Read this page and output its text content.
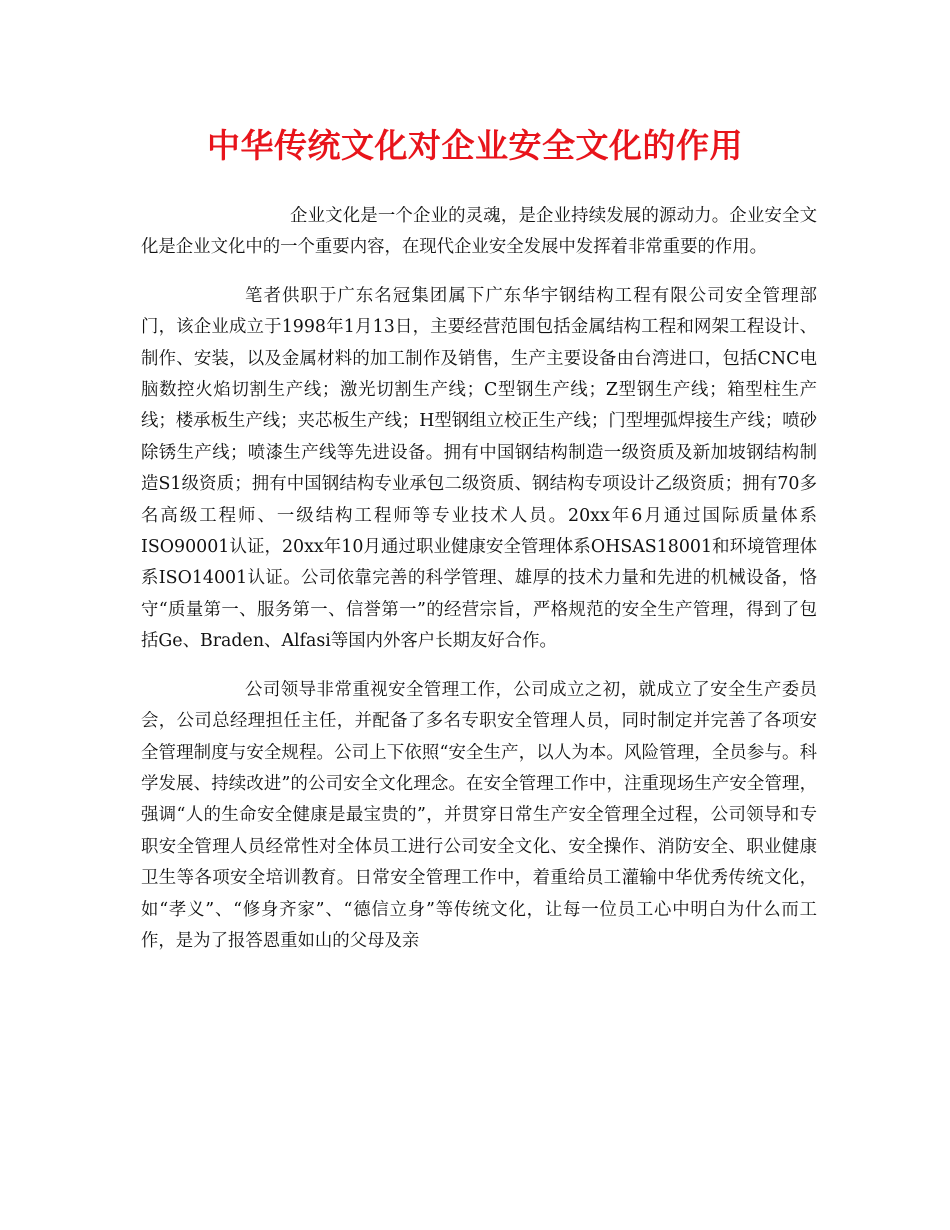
中华传统文化对企业安全文化的作用

企业文化是一个企业的灵魂，是企业持续发展的源动力。企业安全文化是企业文化中的一个重要内容，在现代企业安全发展中发挥着非常重要的作用。

笔者供职于广东名冠集团属下广东华宇钢结构工程有限公司安全管理部门，该企业成立于1998年1月13日，主要经营范围包括金属结构工程和网架工程设计、制作、安装，以及金属材料的加工制作及销售，生产主要设备由台湾进口，包括CNC电脑数控火焰切割生产线；激光切割生产线；C型钢生产线；Z型钢生产线；箱型柱生产线；楼承板生产线；夹芯板生产线；H型钢组立校正生产线；门型埋弧焊接生产线；喷砂除锈生产线；喷漆生产线等先进设备。拥有中国钢结构制造一级资质及新加坡钢结构制造S1级资质；拥有中国钢结构专业承包二级资质、钢结构专项设计乙级资质；拥有70多名高级工程师、一级结构工程师等专业技术人员。20xx年6月通过国际质量体系ISO90001认证，20xx年10月通过职业健康安全管理体系OHSAS18001和环境管理体系ISO14001认证。公司依靠完善的科学管理、雄厚的技术力量和先进的机械设备，恪守“质量第一、服务第一、信誉第一”的经营宗旨，严格规范的安全生产管理，得到了包括Ge、Braden、Alfasi等国内外客户长期友好合作。

公司领导非常重视安全管理工作，公司成立之初，就成立了安全生产委员会，公司总经理担任主任，并配备了多名专职安全管理人员，同时制定并完善了各项安全管理制度与安全规程。公司上下依照“安全生产，以人为本。风险管理，全员参与。科学发展、持续改进”的公司安全文化理念。在安全管理工作中，注重现场生产安全管理，强调“人的生命安全健康是最宝贵的”，并贯穿日常生产安全管理全过程，公司领导和专职安全管理人员经常性对全体员工进行公司安全文化、安全操作、消防安全、职业健康卫生等各项安全培训教育。日常安全管理工作中，着重给员工灌输中华优秀传统文化，如“孝义”、“修身齐家”、“德信立身”等传统文化，让每一位员工心中明白为什么而工作，是为了报答恩重如山的父母及亲
